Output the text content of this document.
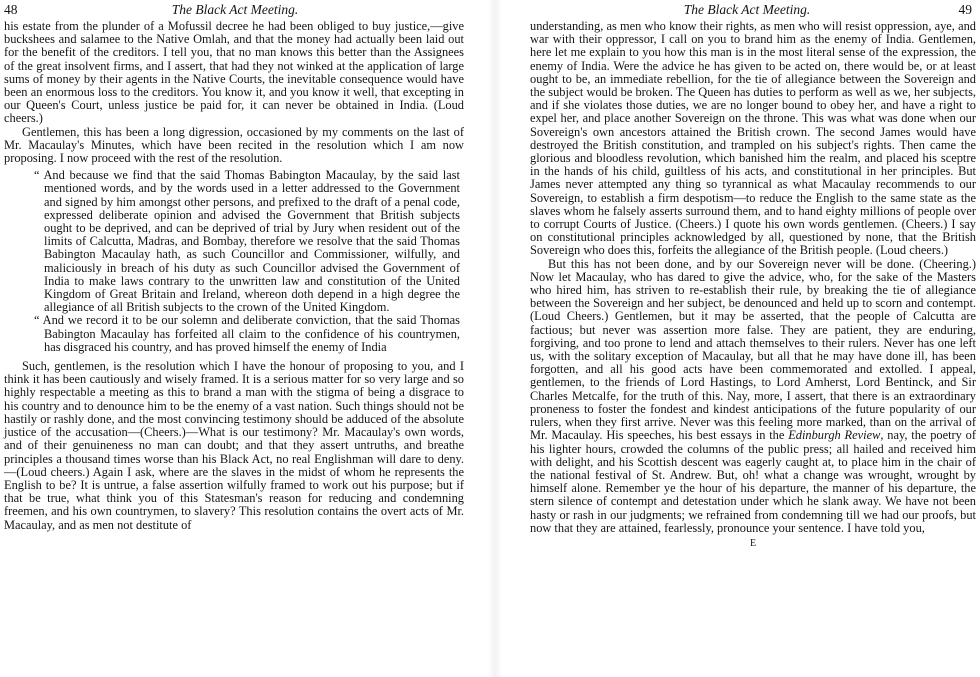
48	The Black Act Meeting.

his estate from the plunder of a Mofussil decree he had been obliged to buy justice,—give buckshees and salamee to the Native Omlah, and that the money had actually been laid out for the benefit of the creditors. I tell you, that no man knows this better than the Assignees of the great insolvent firms, and I assert, that had they not winked at the application of large sums of money by their agents in the Native Courts, the inevitable consequence would have been an enormous loss to the creditors. You know it, and you know it well, that excepting in our Queen's Court, unless justice be paid for, it can never be obtained in India. (Loud cheers.)

Gentlemen, this has been a long digression, occasioned by my comments on the last of Mr. Macaulay's Minutes, which have been recited in the resolution which I am now proposing. I now proceed with the rest of the resolution.

“ And because we find that the said Thomas Babington Macaulay, by the said last mentioned words, and by the words used in a letter addressed to the Government and signed by him amongst other persons, and prefixed to the draft of a penal code, expressed deliberate opinion and advised the Government that British subjects ought to be deprived, and can be deprived of trial by Jury when resident out of the limits of Calcutta, Madras, and Bombay, therefore we resolve that the said Thomas Babington Macaulay hath, as such Councillor and Commissioner, wilfully, and maliciously in breach of his duty as such Councillor advised the Government of India to make laws contrary to the unwritten law and constitution of the United Kingdom of Great Britain and Ireland, whereon doth depend in a high degree the allegiance of all British subjects to the crown of the United Kingdom.

“ And we record it to be our solemn and deliberate conviction, that the said Thomas Babington Macaulay has forfeited all claim to the confidence of his countrymen, has disgraced his country, and has proved himself the enemy of India

Such, gentlemen, is the resolution which I have the honour of proposing to you, and I think it has been cautiously and wisely framed. It is a serious matter for so very large and so highly respectable a meeting as this to brand a man with the stigma of being a disgrace to his country and to denounce him to be the enemy of a vast nation. Such things should not be hastily or rashly done, and the most convincing testimony should be adduced of the absolute justice of the accusation—(Cheers.)—What is our testimony? Mr. Macaulay's own words, and of their genuineness no man can doubt; and that they assert untruths, and breathe principles a thousand times worse than his Black Act, no real Englishman will dare to deny.—(Loud cheers.) Again I ask, where are the slaves in the midst of whom he represents the English to be? It is untrue, a false assertion wilfully framed to work out his purpose; but if that be true, what think you of this Statesman's reason for reducing and condemning freemen, and his own countrymen, to slavery? This resolution contains the overt acts of Mr. Macaulay, and as men not destitute of

The Black Act Meeting.	49

understanding, as men who know their rights, as men who will resist oppression, aye, and war with their oppressor, I call on you to brand him as the enemy of India. Gentlemen, here let me explain to you how this man is in the most literal sense of the expression, the enemy of India. Were the advice he has given to be acted on, there would be, or at least ought to be, an immediate rebellion, for the tie of allegiance between the Sovereign and the subject would be broken. The Queen has duties to perform as well as we, her subjects, and if she violates those duties, we are no longer bound to obey her, and have a right to expel her, and place another Sovereign on the throne. This was what was done when our Sovereign's own ancestors attained the British crown. The second James would have destroyed the British constitution, and trampled on his subject's rights. Then came the glorious and bloodless revolution, which banished him the realm, and placed his sceptre in the hands of his child, guiltless of his acts, and constitutional in her principles. But James never attempted any thing so tyrannical as what Macaulay recommends to our Sovereign, to establish a firm despotism—to reduce the English to the same state as the slaves whom he falsely asserts surround them, and to hand eighty millions of people over to corrupt Courts of Justice. (Cheers.) I quote his own words gentlemen. (Cheers.) I say on constitutional principles acknowledged by all, questioned by none, that the British Sovereign who does this, forfeits the allegiance of the British people. (Loud cheers.)

But this has not been done, and by our Sovereign never will be done. (Cheering.) Now let Macaulay, who has dared to give the advice, who, for the sake of the Masters who hired him, has striven to re-establish their rule, by breaking the tie of allegiance between the Sovereign and her subject, be denounced and held up to scorn and contempt. (Loud Cheers.) Gentlemen, but it may be asserted, that the people of Calcutta are factious; but never was assertion more false. They are patient, they are enduring, forgiving, and too prone to lend and attach themselves to their rulers. Never has one left us, with the solitary exception of Macaulay, but all that he may have done ill, has been forgotten, and all his good acts have been commemorated and extolled. I appeal, gentlemen, to the friends of Lord Hastings, to Lord Amherst, Lord Bentinck, and Sir Charles Metcalfe, for the truth of this. Nay, more, I assert, that there is an extraordinary proneness to foster the fondest and kindest anticipations of the future popularity of our rulers, when they first arrive. Never was this feeling more marked, than on the arrival of Mr. Macaulay. His speeches, his best essays in the Edinburgh Review, nay, the poetry of his lighter hours, crowded the columns of the public press; all hailed and received him with delight, and his Scottish descent was eagerly caught at, to place him in the chair of the national festival of St. Andrew. But, oh! what a change was wrought, wrought by himself alone. Remember ye the hour of his departure, the manner of his departure, the stern silence of contempt and detestation under which he slank away. We have not been hasty or rash in our judgments; we refrained from condemning till we had our proofs, but now that they are attained, fearlessly, pronounce your sentence. I have told you,

E
